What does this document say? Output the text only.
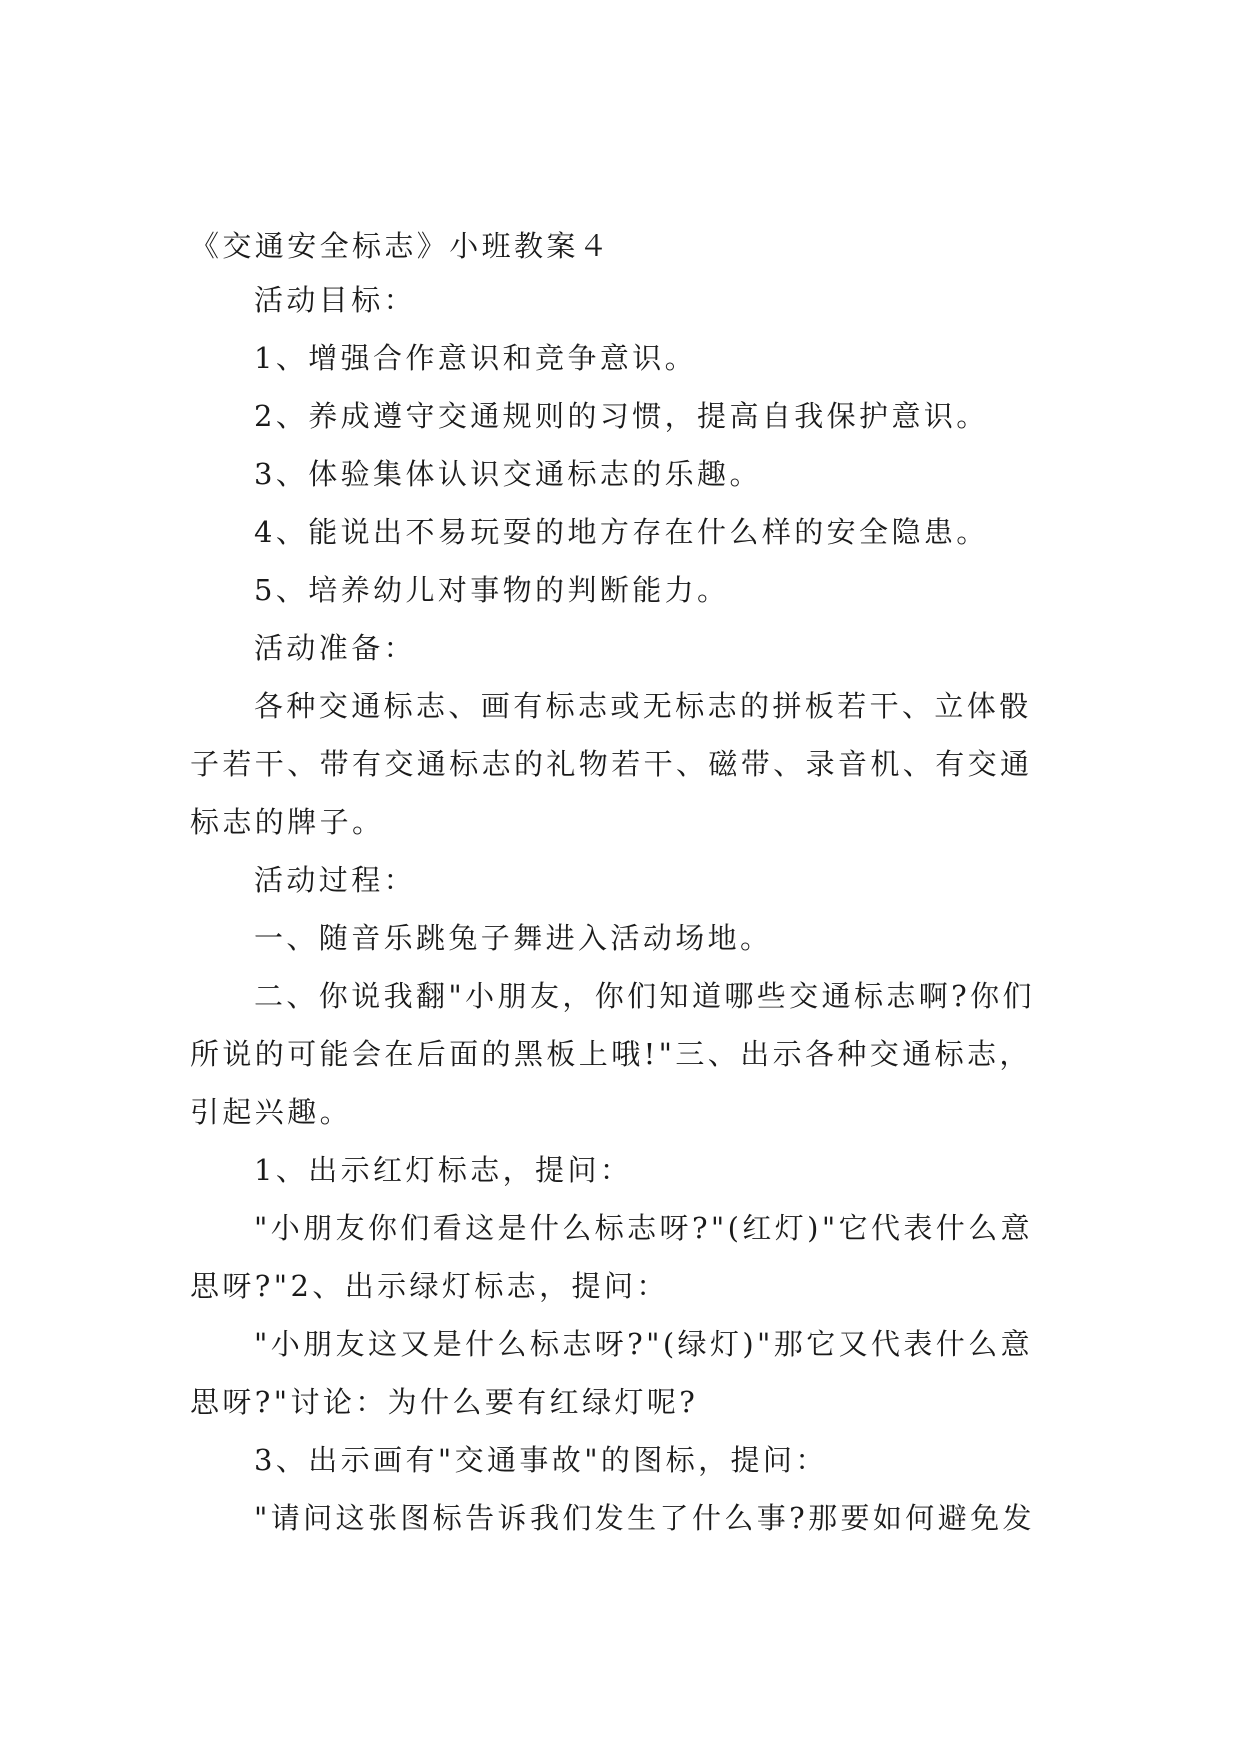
《交通安全标志》小班教案４
活动目标：
1、增强合作意识和竞争意识。
2、养成遵守交通规则的习惯，提高自我保护意识。
3、体验集体认识交通标志的乐趣。
4、能说出不易玩耍的地方存在什么样的安全隐患。
5、培养幼儿对事物的判断能力。
活动准备：
各种交通标志、画有标志或无标志的拼板若干、立体骰
子若干、带有交通标志的礼物若干、磁带、录音机、有交通
标志的牌子。
活动过程：
一、随音乐跳兔子舞进入活动场地。
二、你说我翻"小朋友，你们知道哪些交通标志啊?你们
所说的可能会在后面的黑板上哦!"三、出示各种交通标志，
引起兴趣。
1、出示红灯标志，提问：
"小朋友你们看这是什么标志呀?"(红灯)"它代表什么意
思呀?"2、出示绿灯标志，提问：
"小朋友这又是什么标志呀?"(绿灯)"那它又代表什么意
思呀?"讨论：为什么要有红绿灯呢?
3、出示画有"交通事故"的图标，提问：
"请问这张图标告诉我们发生了什么事?那要如何避免发
